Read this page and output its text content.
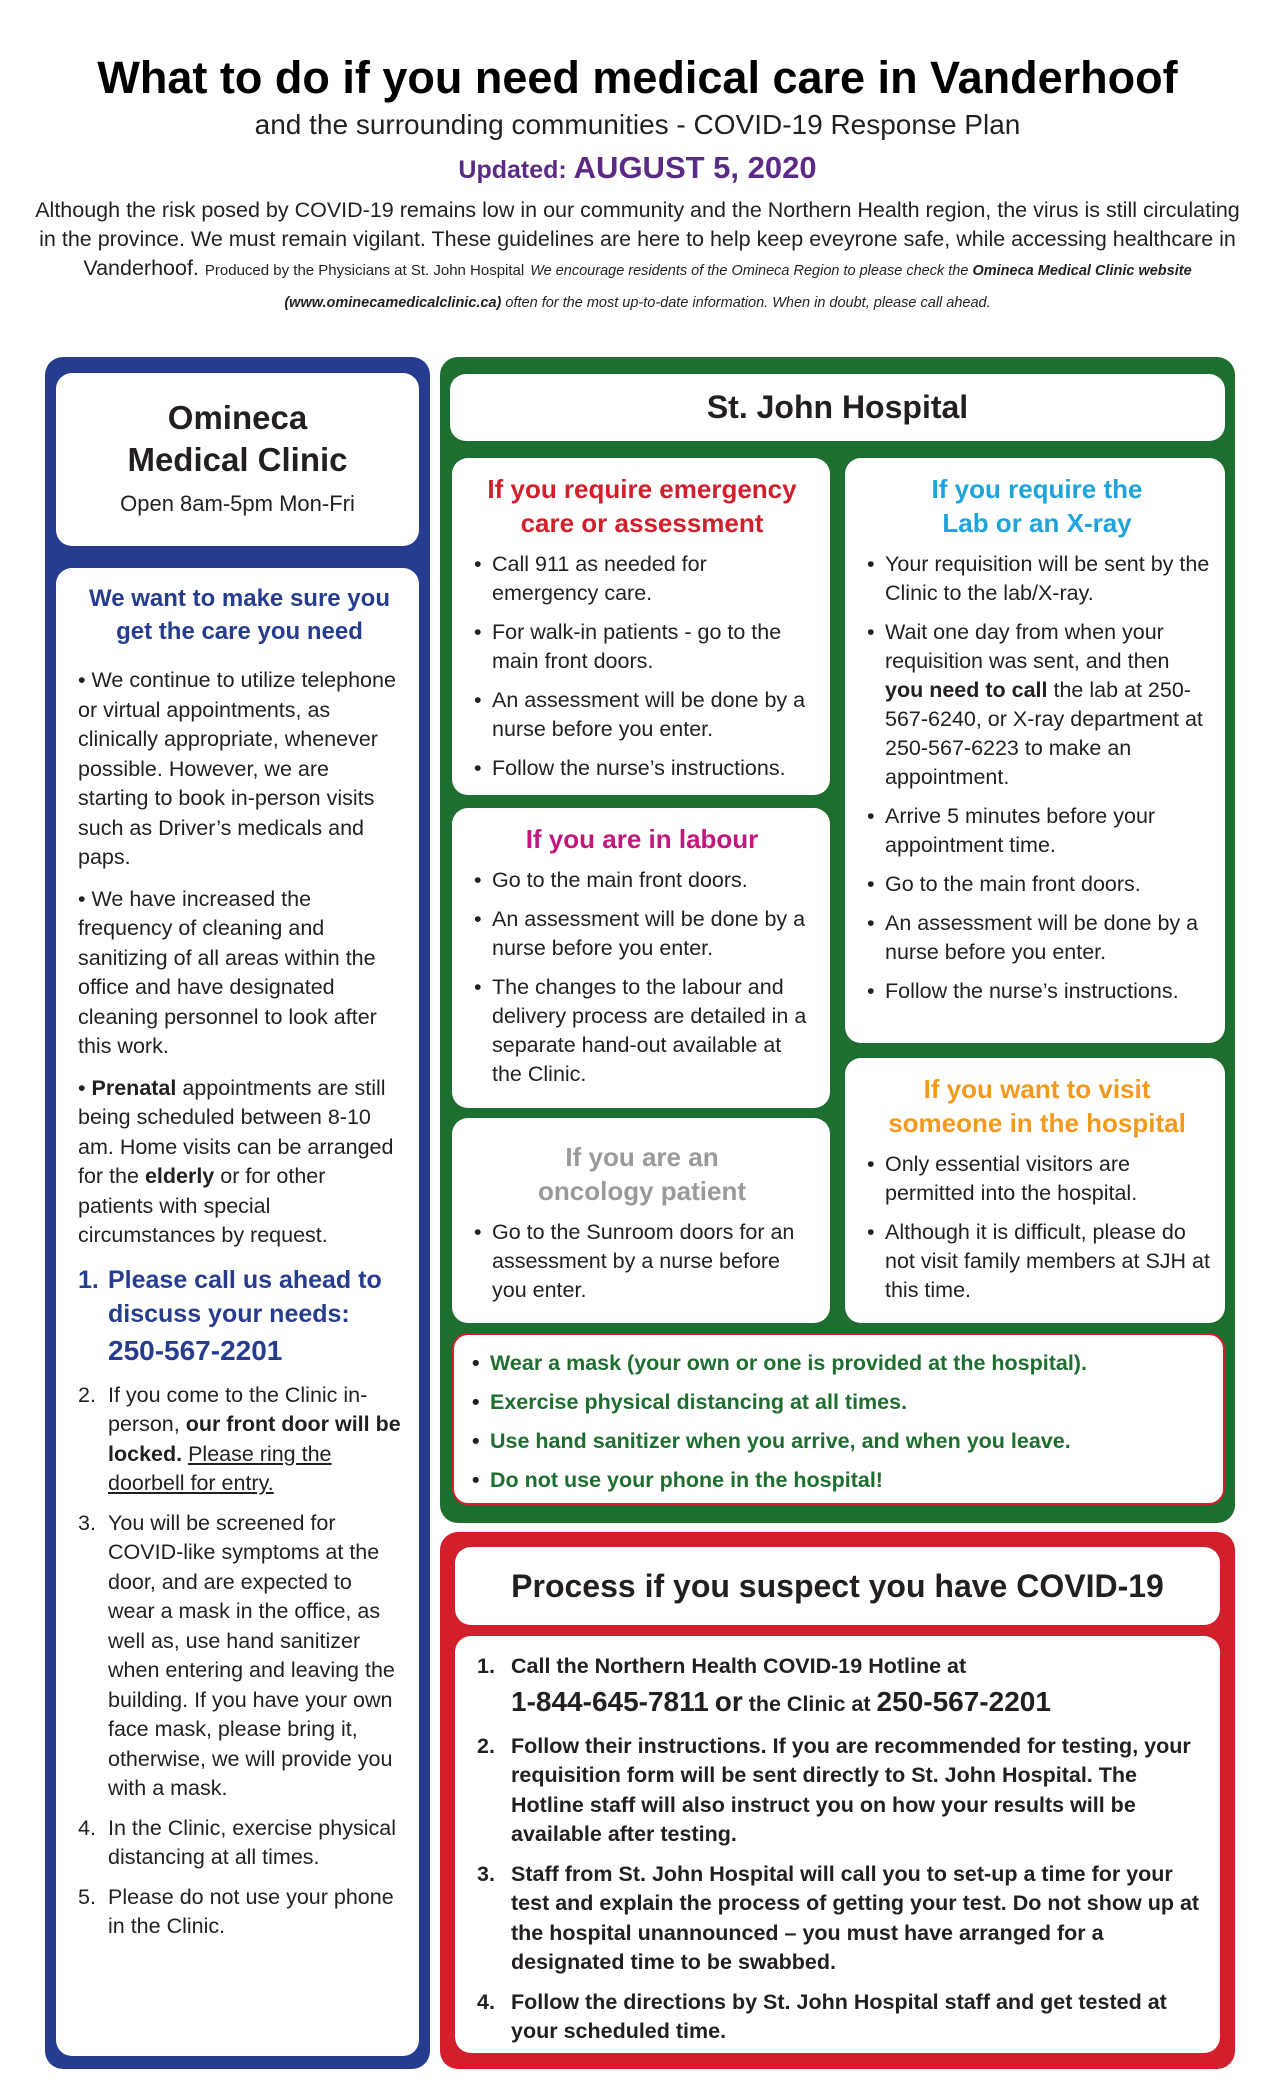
What to do if you need medical care in Vanderhoof
and the surrounding communities - COVID-19 Response Plan
Updated: AUGUST 5, 2020
Although the risk posed by COVID-19 remains low in our community and the Northern Health region, the virus is still circulating in the province. We must remain vigilant. These guidelines are here to help keep eveyrone safe, while accessing healthcare in Vanderhoof. Produced by the Physicians at St. John Hospital We encourage residents of the Omineca Region to please check the Omineca Medical Clinic website (www.ominecamedicalclinic.ca) often for the most up-to-date information. When in doubt, please call ahead.
Omineca
Medical Clinic
Open 8am-5pm Mon-Fri
We want to make sure you get the care you need

• We continue to utilize telephone or virtual appointments, as clinically appropriate, whenever possible. However, we are starting to book in-person visits such as Driver’s medicals and paps.

• We have increased the frequency of cleaning and sanitizing of all areas within the office and have designated cleaning personnel to look after this work.

• Prenatal appointments are still being scheduled between 8-10 am. Home visits can be arranged for the elderly or for other patients with special circumstances by request.

1. Please call us ahead to discuss your needs:
250-567-2201
2. If you come to the Clinic in-person, our front door will be locked. Please ring the doorbell for entry.
3. You will be screened for COVID-like symptoms at the door, and are expected to wear a mask in the office, as well as, use hand sanitizer when entering and leaving the building. If you have your own face mask, please bring it, otherwise, we will provide you with a mask.
4. In the Clinic, exercise physical distancing at all times.
5. Please do not use your phone in the Clinic.
St. John Hospital
If you require emergency care or assessment
• Call 911 as needed for emergency care.
• For walk-in patients - go to the main front doors.
• An assessment will be done by a nurse before you enter.
• Follow the nurse’s instructions.
If you are in labour
• Go to the main front doors.
• An assessment will be done by a nurse before you enter.
• The changes to the labour and delivery process are detailed in a separate hand-out available at the Clinic.
If you are an oncology patient
• Go to the Sunroom doors for an assessment by a nurse before you enter.
If you require the Lab or an X-ray
• Your requisition will be sent by the Clinic to the lab/X-ray.
• Wait one day from when your requisition was sent, and then you need to call the lab at 250-567-6240, or X-ray department at 250-567-6223 to make an appointment.
• Arrive 5 minutes before your appointment time.
• Go to the main front doors.
• An assessment will be done by a nurse before you enter.
• Follow the nurse’s instructions.
If you want to visit someone in the hospital
• Only essential visitors are permitted into the hospital.
• Although it is difficult, please do not visit family members at SJH at this time.
• Wear a mask (your own or one is provided at the hospital).
• Exercise physical distancing at all times.
• Use hand sanitizer when you arrive, and when you leave.
• Do not use your phone in the hospital!
Process if you suspect you have COVID-19
1. Call the Northern Health COVID-19 Hotline at
1-844-645-7811 or the Clinic at 250-567-2201
2. Follow their instructions. If you are recommended for testing, your requisition form will be sent directly to St. John Hospital. The Hotline staff will also instruct you on how your results will be available after testing.
3. Staff from St. John Hospital will call you to set-up a time for your test and explain the process of getting your test. Do not show up at the hospital unannounced – you must have arranged for a designated time to be swabbed.
4. Follow the directions by St. John Hospital staff and get tested at your scheduled time.
